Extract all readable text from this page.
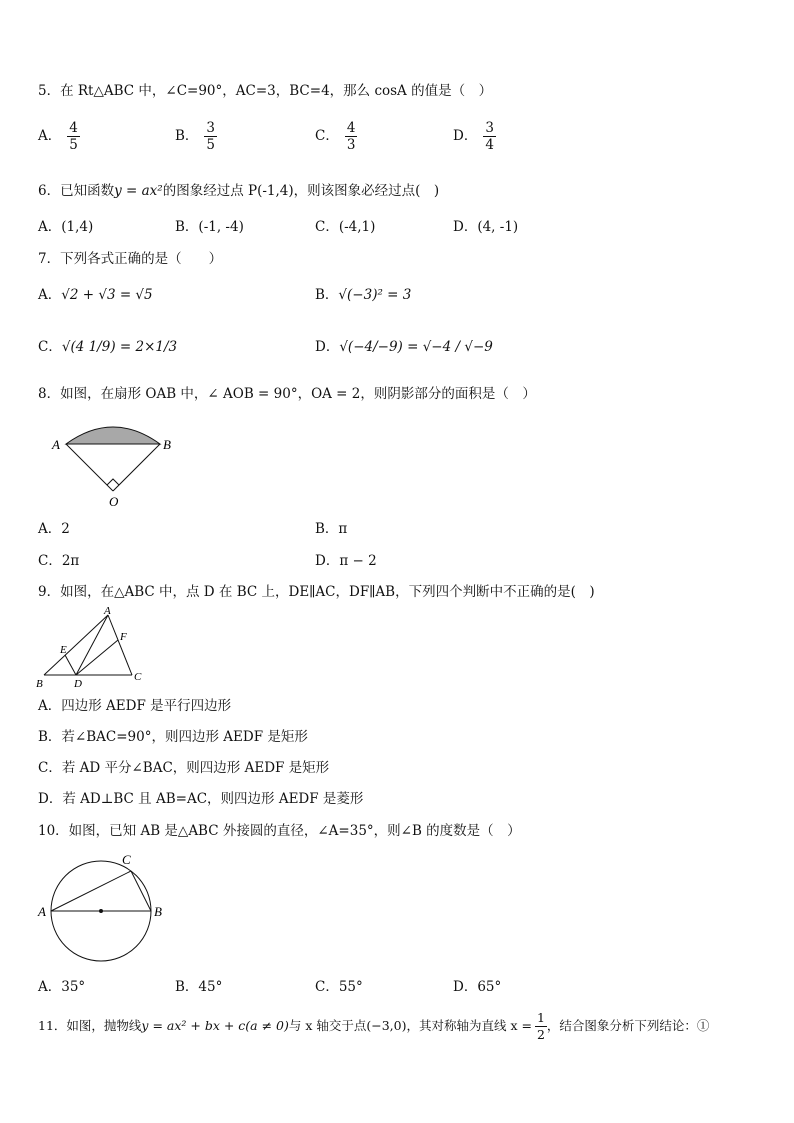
5．在 Rt△ABC 中，∠C=90°，AC=3，BC=4，那么 cosA 的值是（　）
A． $\frac{4}{5}$	B． $\frac{3}{5}$	C． $\frac{4}{3}$	D． $\frac{3}{4}$
6．已知函数y = ax²的图象经过点 P(-1,4)，则该图象必经过点(　)
A．(1,4)	B．(-1, -4)	C．(-4,1)	D．(4, -1)
7．下列各式正确的是（　　）
A．√2 + √3 = √5	B．√(−3)² = 3
C．√(4 1/9) = 2×1/3	D．√(−4/−9) = √−4 / √−9
8．如图，在扇形 OAB 中，∠ AOB = 90°，OA = 2，则阴影部分的面积是（　）
A	B
O
A．2	B．π
C．2π	D．π − 2
9．如图，在△ABC 中，点 D 在 BC 上，DE∥AC，DF∥AB，下列四个判断中不正确的是(　)
A
B
C
D
E
F
A．四边形 AEDF 是平行四边形
B．若∠BAC=90°，则四边形 AEDF 是矩形
C．若 AD 平分∠BAC，则四边形 AEDF 是矩形
D．若 AD⊥BC 且 AB=AC，则四边形 AEDF 是菱形
10．如图，已知 AB 是△ABC 外接圆的直径，∠A=35°，则∠B 的度数是（　）
A	B
C
A．35°	B．45°	C．55°	D．65°
11．如图，抛物线y = ax² + bx + c(a ≠ 0)与 x 轴交于点(−3,0)，其对称轴为直线 $x = \frac{1}{2}$ ，结合图象分析下列结论：①
